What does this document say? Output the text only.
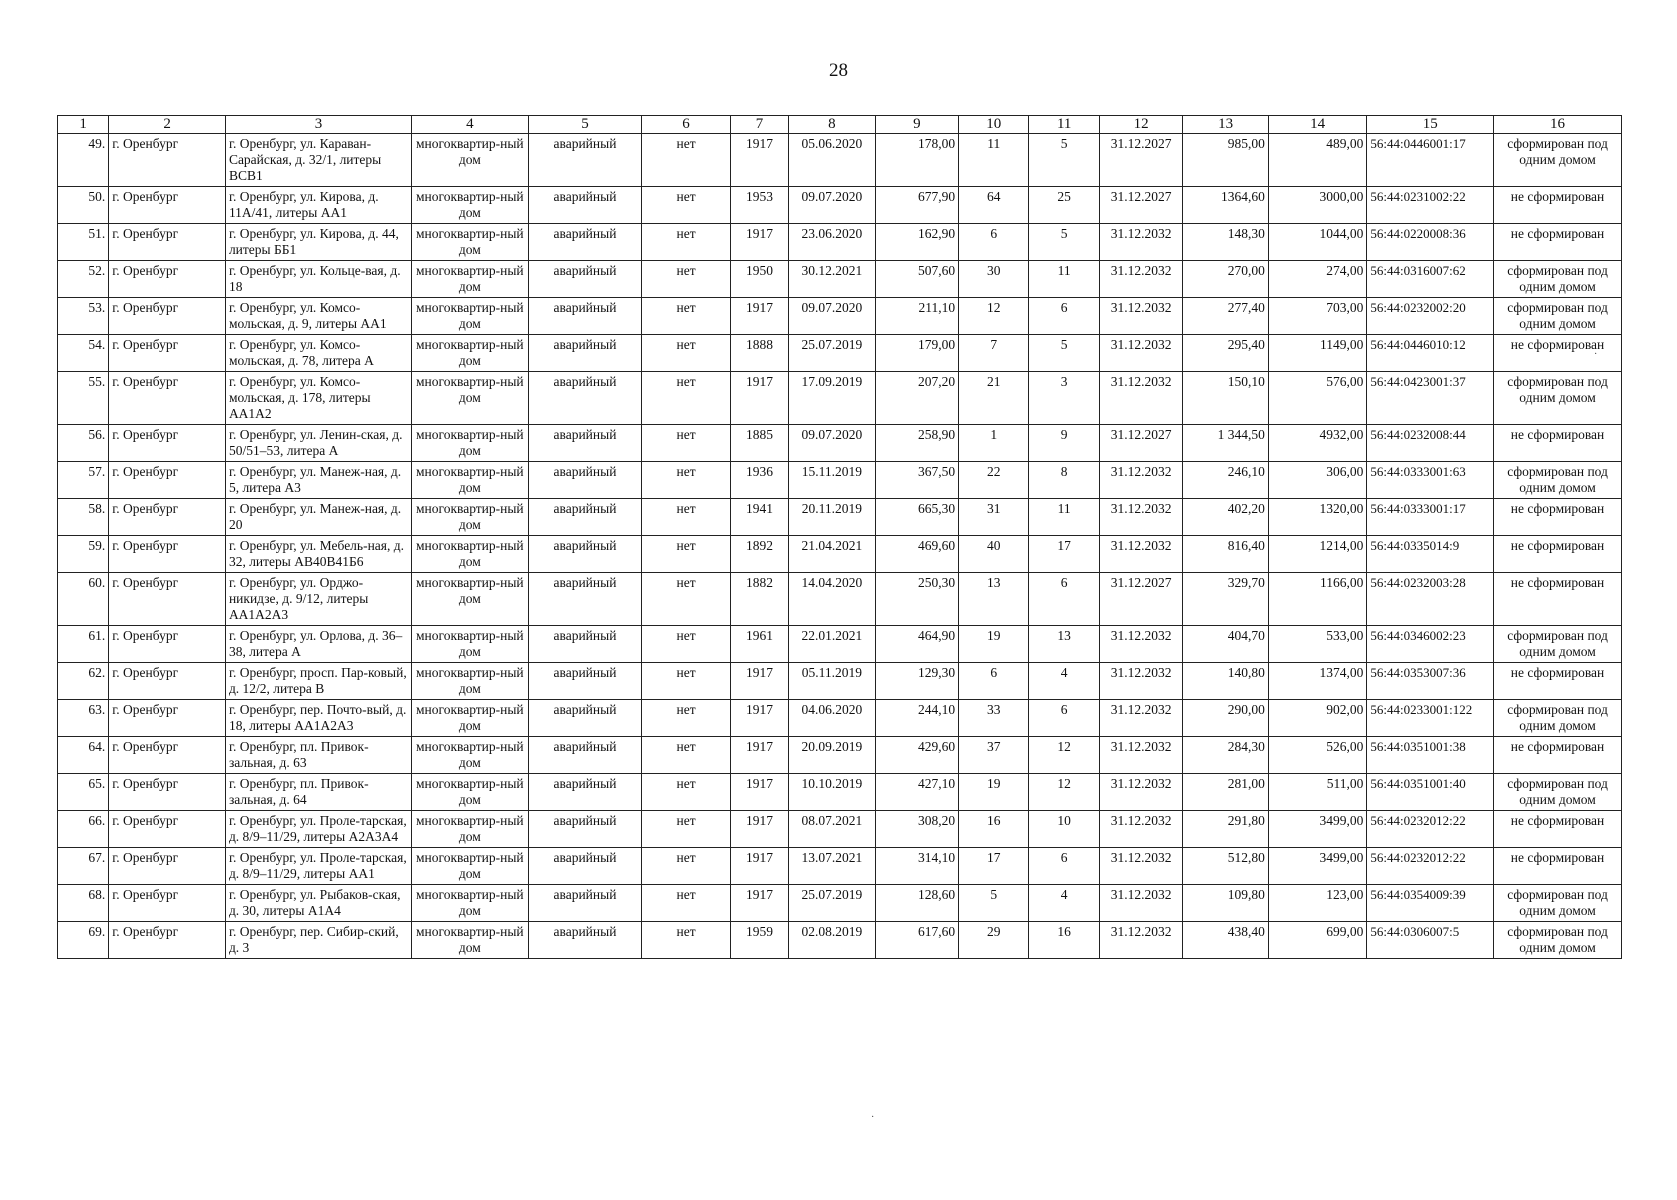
28
1	2	3	4	5	6	7	8	9	10	11	12	13	14	15	16
49.	г. Оренбург	г. Оренбург, ул. Караван-Сарайская, д. 32/1, литеры ВСВ1	многоквартир-ный дом	аварийный	нет	1917	05.06.2020	178,00	11	5	31.12.2027	985,00	489,00	56:44:0446001:17	сформирован под одним домом
50.	г. Оренбург	г. Оренбург, ул. Кирова, д. 11А/41, литеры АА1	многоквартир-ный дом	аварийный	нет	1953	09.07.2020	677,90	64	25	31.12.2027	1364,60	3000,00	56:44:0231002:22	не сформирован
51.	г. Оренбург	г. Оренбург, ул. Кирова, д. 44, литеры ББ1	многоквартир-ный дом	аварийный	нет	1917	23.06.2020	162,90	6	5	31.12.2032	148,30	1044,00	56:44:0220008:36	не сформирован
52.	г. Оренбург	г. Оренбург, ул. Кольце-вая, д. 18	многоквартир-ный дом	аварийный	нет	1950	30.12.2021	507,60	30	11	31.12.2032	270,00	274,00	56:44:0316007:62	сформирован под одним домом
53.	г. Оренбург	г. Оренбург, ул. Комсо-мольская, д. 9, литеры АА1	многоквартир-ный дом	аварийный	нет	1917	09.07.2020	211,10	12	6	31.12.2032	277,40	703,00	56:44:0232002:20	сформирован под одним домом
54.	г. Оренбург	г. Оренбург, ул. Комсо-мольская, д. 78, литера А	многоквартир-ный дом	аварийный	нет	1888	25.07.2019	179,00	7	5	31.12.2032	295,40	1149,00	56:44:0446010:12	не сформирован
55.	г. Оренбург	г. Оренбург, ул. Комсо-мольская, д. 178, литеры АА1А2	многоквартир-ный дом	аварийный	нет	1917	17.09.2019	207,20	21	3	31.12.2032	150,10	576,00	56:44:0423001:37	сформирован под одним домом
56.	г. Оренбург	г. Оренбург, ул. Ленин-ская, д. 50/51–53, литера А	многоквартир-ный дом	аварийный	нет	1885	09.07.2020	258,90	1	9	31.12.2027	1 344,50	4932,00	56:44:0232008:44	не сформирован
57.	г. Оренбург	г. Оренбург, ул. Манеж-ная, д. 5, литера А3	многоквартир-ный дом	аварийный	нет	1936	15.11.2019	367,50	22	8	31.12.2032	246,10	306,00	56:44:0333001:63	сформирован под одним домом
58.	г. Оренбург	г. Оренбург, ул. Манеж-ная, д. 20	многоквартир-ный дом	аварийный	нет	1941	20.11.2019	665,30	31	11	31.12.2032	402,20	1320,00	56:44:0333001:17	не сформирован
59.	г. Оренбург	г. Оренбург, ул. Мебель-ная, д. 32, литеры АВ40В41Б6	многоквартир-ный дом	аварийный	нет	1892	21.04.2021	469,60	40	17	31.12.2032	816,40	1214,00	56:44:0335014:9	не сформирован
60.	г. Оренбург	г. Оренбург, ул. Орджо-никидзе, д. 9/12, литеры АА1А2А3	многоквартир-ный дом	аварийный	нет	1882	14.04.2020	250,30	13	6	31.12.2027	329,70	1166,00	56:44:0232003:28	не сформирован
61.	г. Оренбург	г. Оренбург, ул. Орлова, д. 36–38, литера А	многоквартир-ный дом	аварийный	нет	1961	22.01.2021	464,90	19	13	31.12.2032	404,70	533,00	56:44:0346002:23	сформирован под одним домом
62.	г. Оренбург	г. Оренбург, просп. Пар-ковый, д. 12/2, литера В	многоквартир-ный дом	аварийный	нет	1917	05.11.2019	129,30	6	4	31.12.2032	140,80	1374,00	56:44:0353007:36	не сформирован
63.	г. Оренбург	г. Оренбург, пер. Почто-вый, д. 18, литеры АА1А2А3	многоквартир-ный дом	аварийный	нет	1917	04.06.2020	244,10	33	6	31.12.2032	290,00	902,00	56:44:0233001:122	сформирован под одним домом
64.	г. Оренбург	г. Оренбург, пл. Привок-зальная, д. 63	многоквартир-ный дом	аварийный	нет	1917	20.09.2019	429,60	37	12	31.12.2032	284,30	526,00	56:44:0351001:38	не сформирован
65.	г. Оренбург	г. Оренбург, пл. Привок-зальная, д. 64	многоквартир-ный дом	аварийный	нет	1917	10.10.2019	427,10	19	12	31.12.2032	281,00	511,00	56:44:0351001:40	сформирован под одним домом
66.	г. Оренбург	г. Оренбург, ул. Проле-тарская, д. 8/9–11/29, литеры А2А3А4	многоквартир-ный дом	аварийный	нет	1917	08.07.2021	308,20	16	10	31.12.2032	291,80	3499,00	56:44:0232012:22	не сформирован
67.	г. Оренбург	г. Оренбург, ул. Проле-тарская, д. 8/9–11/29, литеры АА1	многоквартир-ный дом	аварийный	нет	1917	13.07.2021	314,10	17	6	31.12.2032	512,80	3499,00	56:44:0232012:22	не сформирован
68.	г. Оренбург	г. Оренбург, ул. Рыбаков-ская, д. 30, литеры А1А4	многоквартир-ный дом	аварийный	нет	1917	25.07.2019	128,60	5	4	31.12.2032	109,80	123,00	56:44:0354009:39	сформирован под одним домом
69.	г. Оренбург	г. Оренбург, пер. Сибир-ский, д. 3	многоквартир-ный дом	аварийный	нет	1959	02.08.2019	617,60	29	16	31.12.2032	438,40	699,00	56:44:0306007:5	сформирован под одним домом
·
·
